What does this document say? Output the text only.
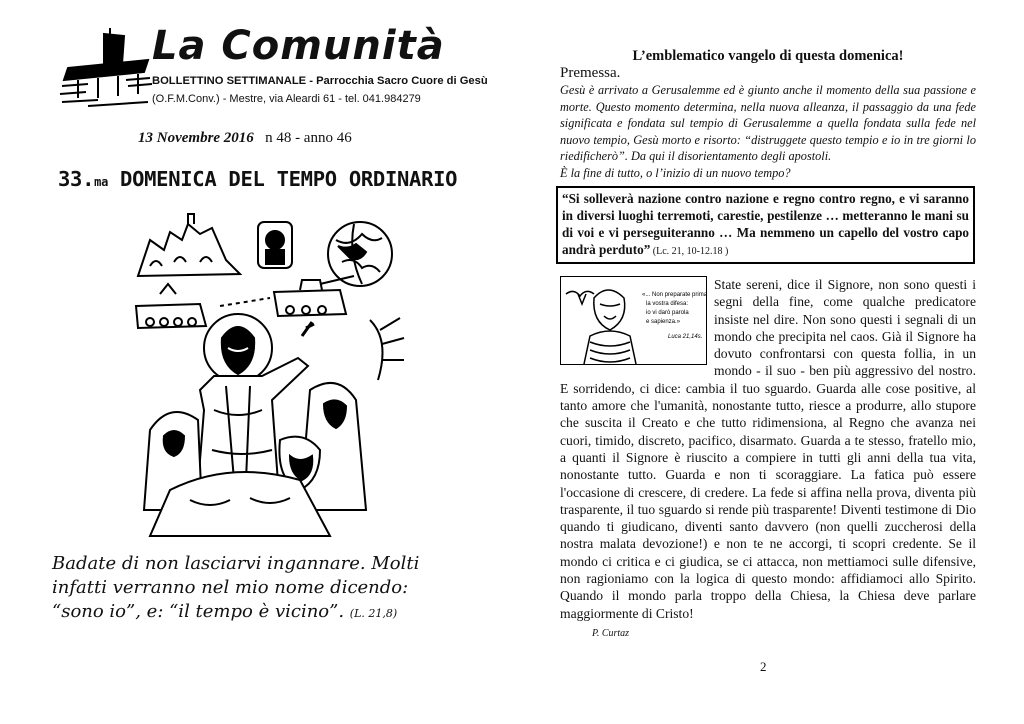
La Comunità
BOLLETTINO SETTIMANALE - Parrocchia Sacro Cuore di Gesù
(O.F.M.Conv.) - Mestre, via Aleardi 61 - tel. 041.984279
13 Novembre 2016 n 48 - anno 46
33.ma DOMENICA DEL TEMPO ORDINARIO
Badate di non lasciarvi ingannare. Molti infatti verranno nel mio nome dicendo: “sono io”, e: “il tempo è vicino”. (L. 21,8)
L’emblematico vangelo di questa domenica!
Premessa.
Gesù è arrivato a Gerusalemme ed è giunto anche il momento della sua passione e morte. Questo momento determina, nella nuova alleanza, il passaggio da una fede significata e fondata sul tempio di Gerusalemme a quella fondata sulla fede nel nuovo tempio, Gesù morto e risorto: “distruggete questo tempio e io in tre giorni lo riedificherò”. Da qui il disorientamento degli apostoli.
È la fine di tutto, o l’inizio di un nuovo tempo?
“Si solleverà nazione contro nazione e regno contro regno, e vi saranno in diversi luoghi terremoti, carestie, pestilenze … metteranno le mani su di voi e vi perseguiteranno … Ma nemmeno un capello del vostro capo andrà perduto” (Lc. 21, 10-12.18 )
«... Non preparate prima
la vostra difesa:
io vi darò parola
e sapienza.»
Luca 21,14s.
State sereni, dice il Signore, non sono questi i segni della fine, come qualche predicatore insiste nel dire. Non sono questi i segnali di un mondo che precipita nel caos. Già il Signore ha dovuto confrontarsi con questa follia, in un mondo - il suo - ben più aggressivo del nostro. E sorridendo, ci dice: cambia il tuo sguardo. Guarda alle cose positive, al tanto amore che l'umanità, nonostante tutto, riesce a produrre, allo stupore che suscita il Creato e che tutto ridimensiona, al Regno che avanza nei cuori, timido, discreto, pacifico, disarmato. Guarda a te stesso, fratello mio, a quanti il Signore è riuscito a compiere in tutti gli anni della tua vita, nonostante tutto. Guarda e non ti scoraggiare. La fatica può essere l'occasione di crescere, di credere. La fede si affina nella prova, diventa più trasparente, il tuo sguardo si rende più trasparente! Diventi testimone di Dio quando ti giudicano, diventi santo davvero (non quelli zuccherosi della nostra malata devozione!) e non te ne accorgi, ti scopri credente. Se il mondo ci critica e ci giudica, se ci attacca, non mettiamoci sulle difensive, non ragioniamo con la logica di questo mondo: affidiamoci allo Spirito. Quando il mondo parla troppo della Chiesa, la Chiesa deve parlare maggiormente di Cristo!
P. Curtaz
2
